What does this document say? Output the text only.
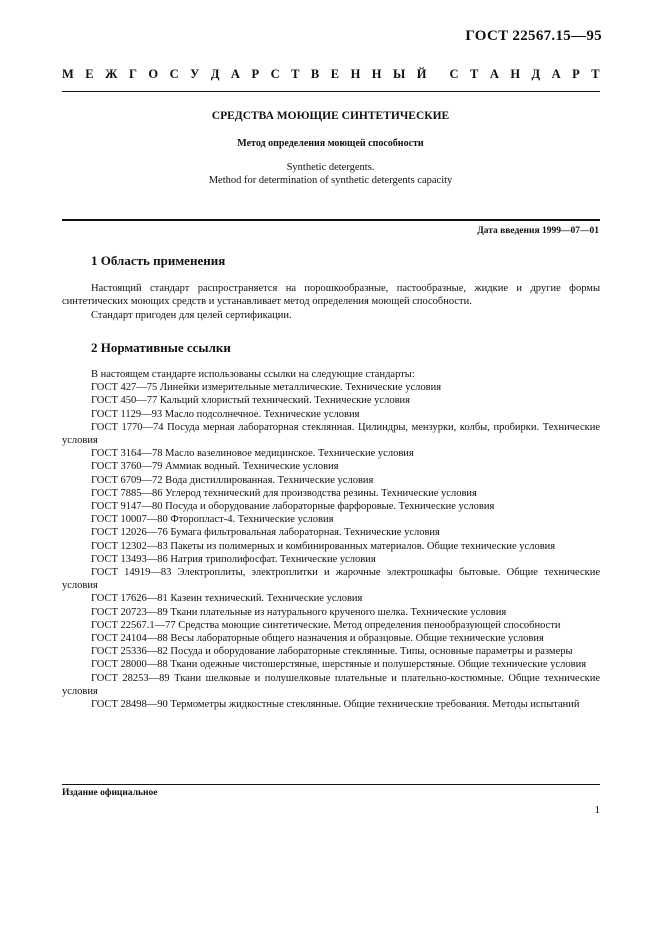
ГОСТ 22567.15—95
М Е Ж Г О С У Д А Р С Т В Е Н Н Ы Й С Т А Н Д А Р Т
СРЕДСТВА МОЮЩИЕ СИНТЕТИЧЕСКИЕ
Метод определения моющей способности
Synthetic detergents.
Method for determination of synthetic detergents capacity
Дата введения 1999—07—01
1 Область применения
Настоящий стандарт распространяется на порошкообразные, пастообразные, жидкие и другие формы синтетических моющих средств и устанавливает метод определения моющей способности.
Стандарт пригоден для целей сертификации.
2 Нормативные ссылки

В настоящем стандарте использованы ссылки на следующие стандарты:

ГОСТ 427—75 Линейки измерительные металлические. Технические условия

ГОСТ 450—77 Кальций хлористый технический. Технические условия

ГОСТ 1129—93 Масло подсолнечное. Технические условия

ГОСТ 1770—74 Посуда мерная лабораторная стеклянная. Цилиндры, мензурки, колбы, пробирки. Технические условия

ГОСТ 3164—78 Масло вазелиновое медицинское. Технические условия

ГОСТ 3760—79 Аммиак водный. Технические условия

ГОСТ 6709—72 Вода дистиллированная. Технические условия

ГОСТ 7885—86 Углерод технический для производства резины. Технические условия

ГОСТ 9147—80 Посуда и оборудование лабораторные фарфоровые. Технические условия

ГОСТ 10007—80 Фторопласт-4. Технические условия

ГОСТ 12026—76 Бумага фильтровальная лабораторная. Технические условия

ГОСТ 12302—83 Пакеты из полимерных и комбинированных материалов. Общие технические условия

ГОСТ 13493—86 Натрия триполифосфат. Технические условия

ГОСТ 14919—83 Электроплиты, электроплитки и жарочные электрошкафы бытовые. Общие технические условия

ГОСТ 17626—81 Казеин технический. Технические условия

ГОСТ 20723—89 Ткани плательные из натурального крученого шелка. Технические условия

ГОСТ 22567.1—77 Средства моющие синтетические. Метод определения пенообразующей способности

ГОСТ 24104—88 Весы лабораторные общего назначения и образцовые. Общие технические условия

ГОСТ 25336—82 Посуда и оборудование лабораторные стеклянные. Типы, основные параметры и размеры

ГОСТ 28000—88 Ткани одежные чистошерстяные, шерстяные и полушерстяные. Общие технические условия

ГОСТ 28253—89 Ткани шелковые и полушелковые плательные и плательно-костюмные. Общие технические условия

ГОСТ 28498—90 Термометры жидкостные стеклянные. Общие технические требования. Методы испытаний

Издание официальное
1
